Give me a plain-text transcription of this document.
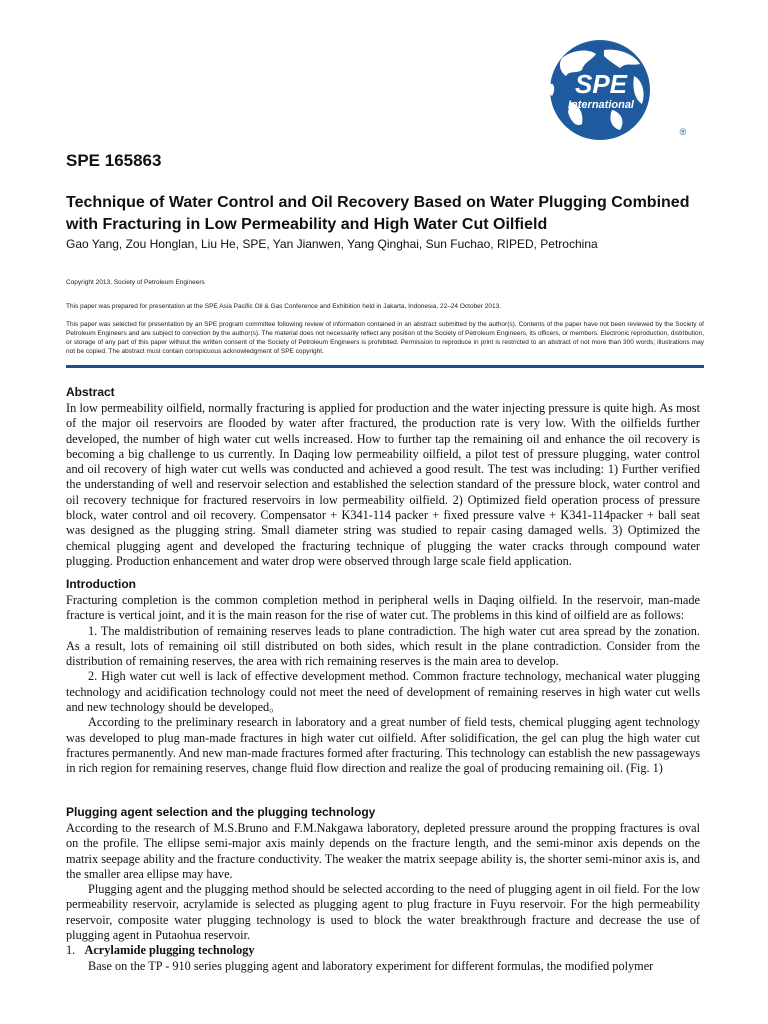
SPE
International
®
SPE 165863
Technique of Water Control and Oil Recovery Based on Water Plugging Combined with Fracturing in Low Permeability and High Water Cut Oilfield

Gao Yang, Zou Honglan, Liu He, SPE, Yan Jianwen, Yang Qinghai, Sun Fuchao, RIPED, Petrochina

Copyright 2013, Society of Petroleum Engineers

This paper was prepared for presentation at the SPE Asia Pacific Oil & Gas Conference and Exhibition held in Jakarta, Indonesia, 22–24 October 2013.

This paper was selected for presentation by an SPE program committee following review of information contained in an abstract submitted by the author(s). Contents of the paper have not been reviewed by the Society of Petroleum Engineers and are subject to correction by the author(s). The material does not necessarily reflect any position of the Society of Petroleum Engineers, its officers, or members. Electronic reproduction, distribution, or storage of any part of this paper without the written consent of the Society of Petroleum Engineers is prohibited. Permission to reproduce in print is restricted to an abstract of not more than 300 words; illustrations may not be copied. The abstract must contain conspicuous acknowledgment of SPE copyright.

Abstract

In low permeability oilfield, normally fracturing is applied for production and the water injecting pressure is quite high. As most of the major oil reservoirs are flooded by water after fractured, the production rate is very low. With the oilfields further developed, the number of high water cut wells increased. How to further tap the remaining oil and enhance the oil recovery is becoming a big challenge to us currently. In Daqing low permeability oilfield, a pilot test of pressure plugging, water control and oil recovery of high water cut wells was conducted and achieved a good result. The test was including: 1) Further verified the understanding of well and reservoir selection and established the selection standard of the pressure block, water control and oil recovery technique for fractured reservoirs in low permeability oilfield. 2) Optimized field operation process of pressure block, water control and oil recovery. Compensator + K341-114 packer + fixed pressure valve + K341-114packer + ball seat was designed as the plugging string. Small diameter string was studied to repair casing damaged wells. 3) Optimized the chemical plugging agent and developed the fracturing technique of plugging the water cracks through compound water plugging. Production enhancement and water drop were observed through large scale field application.

Introduction

Fracturing completion is the common completion method in peripheral wells in Daqing oilfield. In the reservoir, man-made fracture is vertical joint, and it is the main reason for the rise of water cut. The problems in this kind of oilfield are as follows:

1. The maldistribution of remaining reserves leads to plane contradiction. The high water cut area spread by the zonation. As a result, lots of remaining oil still distributed on both sides, which result in the plane contradiction. Consider from the distribution of remaining reserves, the area with rich remaining reserves is the main area to develop.

2. High water cut well is lack of effective development method. Common fracture technology, mechanical water plugging technology and acidification technology could not meet the need of development of remaining reserves in high water cut wells and new technology should be developed。

According to the preliminary research in laboratory and a great number of field tests, chemical plugging agent technology was developed to plug man-made fractures in high water cut oilfield. After solidification, the gel can plug the high water cut fractures permanently. And new man-made fractures formed after fracturing. This technology can establish the new passageways in rich region for remaining reserves, change fluid flow direction and realize the goal of producing remaining oil. (Fig. 1)

Plugging agent selection and the plugging technology

According to the research of M.S.Bruno and F.M.Nakgawa laboratory, depleted pressure around the propping fractures is oval on the profile. The ellipse semi-major axis mainly depends on the fracture length, and the semi-minor axis depends on the matrix seepage ability and the fracture conductivity. The weaker the matrix seepage ability is, the shorter semi-minor axis is, and the smaller area ellipse may have.

Plugging agent and the plugging method should be selected according to the need of plugging agent in oil field. For the low permeability reservoir, acrylamide is selected as plugging agent to plug fracture in Fuyu reservoir. For the high permeability reservoir, composite water plugging technology is used to block the water breakthrough fracture and decrease the use of plugging agent in Putaohua reservoir.

1. Acrylamide plugging technology

Base on the TP - 910 series plugging agent and laboratory experiment for different formulas, the modified polymer
